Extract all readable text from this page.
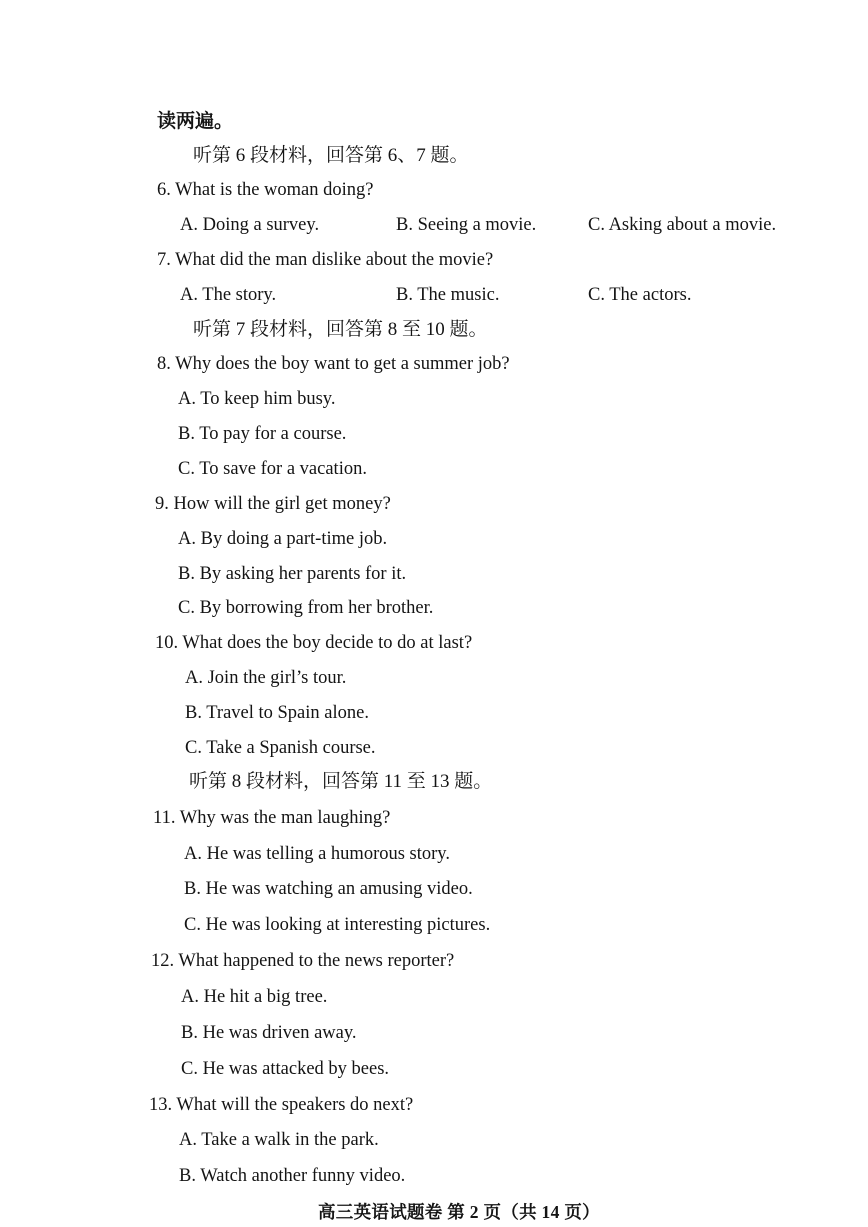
读两遍。
听第 6 段材料，回答第 6、7 题。
6. What is the woman doing?
A. Doing a survey.	B. Seeing a movie.	C. Asking about a movie.
7. What did the man dislike about the movie?
A. The story.	B. The music.	C. The actors.
听第 7 段材料，回答第 8 至 10 题。
8. Why does the boy want to get a summer job?
A. To keep him busy.
B. To pay for a course.
C. To save for a vacation.
9. How will the girl get money?
A. By doing a part-time job.
B. By asking her parents for it.
C. By borrowing from her brother.
10. What does the boy decide to do at last?
A. Join the girl’s tour.
B. Travel to Spain alone.
C. Take a Spanish course.
听第 8 段材料，回答第 11 至 13 题。
11. Why was the man laughing?
A. He was telling a humorous story.
B. He was watching an amusing video.
C. He was looking at interesting pictures.
12. What happened to the news reporter?
A. He hit a big tree.
B. He was driven away.
C. He was attacked by bees.
13. What will the speakers do next?
A. Take a walk in the park.
B. Watch another funny video.
高三英语试题卷 第 2 页（共 14 页）
